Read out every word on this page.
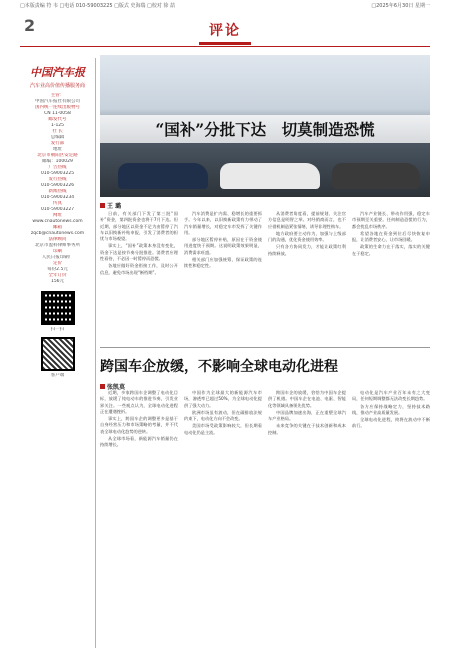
□本版责编 符 韦 □电话 010-59003225 □版式 史海瑞 □校对 徐 喆	□2025年6月30日 星期一
2	评论
中国汽车报
汽车业高价值传播服务商
主管：
中国汽车报社有限公司
国内统一连续出版物号
CN 11-0058
邮发代号
1-125
社 长
总编辑
发行部
地址
北京市朝阳区安定路
邮编：100029
广告热线
010-59003225
发行热线
010-59003226
新闻热线
010-59003234
传真
010-59003227
网址
www.cnautonews.com
邮箱
zqcb@cnautonews.com
法律顾问
北京市盈科律师事务所
印刷
人民日报印刷厂
定价
每份2.5元
全年订价
156元
扫一扫
客户端
“国补”分批下达　切莫制造恐慌
王 璐

日前，有关部门下发了第三批“国补”资金，第四批资金也将于7月下达。但近期，部分地区以资金不足为由暂停了汽车以旧换新补贴申报，引发了消费者的担忧与市场观望。

事实上，“国补”政策本身没有变化，资金下达是按节奏分批推进。消费者应理性看待，不必因一时暂停而恐慌。

各地应做好资金衔接工作，及时公开信息，避免市场出现“断档期”。

汽车消费是扩内需、稳增长的重要抓手。今年以来，以旧换新政策有力带动了汽车销量增长，对稳定车市发挥了关键作用。

部分地区暂停补贴，原因在于资金使用进度快于预期。这说明政策效果明显，消费需求旺盛。

相关部门应加强统筹，保证政策的连续性和稳定性。

从消费者角度看，提前规划、关注官方信息是明智之举。对经销商而言，也不应借机制造紧张情绪，诱导非理性购车。

地方政府要主动作为，加强与上级部门的沟通，优化资金使用效率。

只有各方协同发力，才能让政策红利持续释放。

汽车产业链长、带动作用强，稳定车市预期至关重要。任何制造恐慌的行为，都会扰乱市场秩序。

希望各地在资金到位后尽快恢复申报，让消费者安心，让市场回暖。

政策的生命力在于落实，落实的关键在于稳定。

跨国车企放缓，不影响全球电动化进程
张凯莫

近期，多家跨国车企调整了电动化目标，放缓了纯电动车的推进节奏，引发业界关注。一些观点认为，全球电动化进程正在遭遇挫折。

事实上，跨国车企的调整更多是基于自身经营压力和市场策略的考量，并不代表全球电动化趋势的逆转。

从全球市场看，新能源汽车销量仍在持续增长。

中国作为全球最大的新能源汽车市场，渗透率已超过50%，为全球电动化提供了强大动力。

欧洲市场虽有波动，但在碳排放法规约束下，电动化方向不会改变。

美国市场受政策影响较大，但长期看电动化仍是主流。

跨国车企的放缓，恰恰为中国车企提供了机遇。中国车企在电池、电驱、智能化等领域具备领先优势。

中国品牌加速出海，正在重塑全球汽车产业格局。

未来竞争的关键在于技术创新和成本控制。

电动化是汽车产业百年未有之大变局，任何短期调整都无法改变长期趋势。

各方应保持战略定力，坚持技术路线，推动产业高质量发展。

全球电动化进程，终将在波动中不断前行。
